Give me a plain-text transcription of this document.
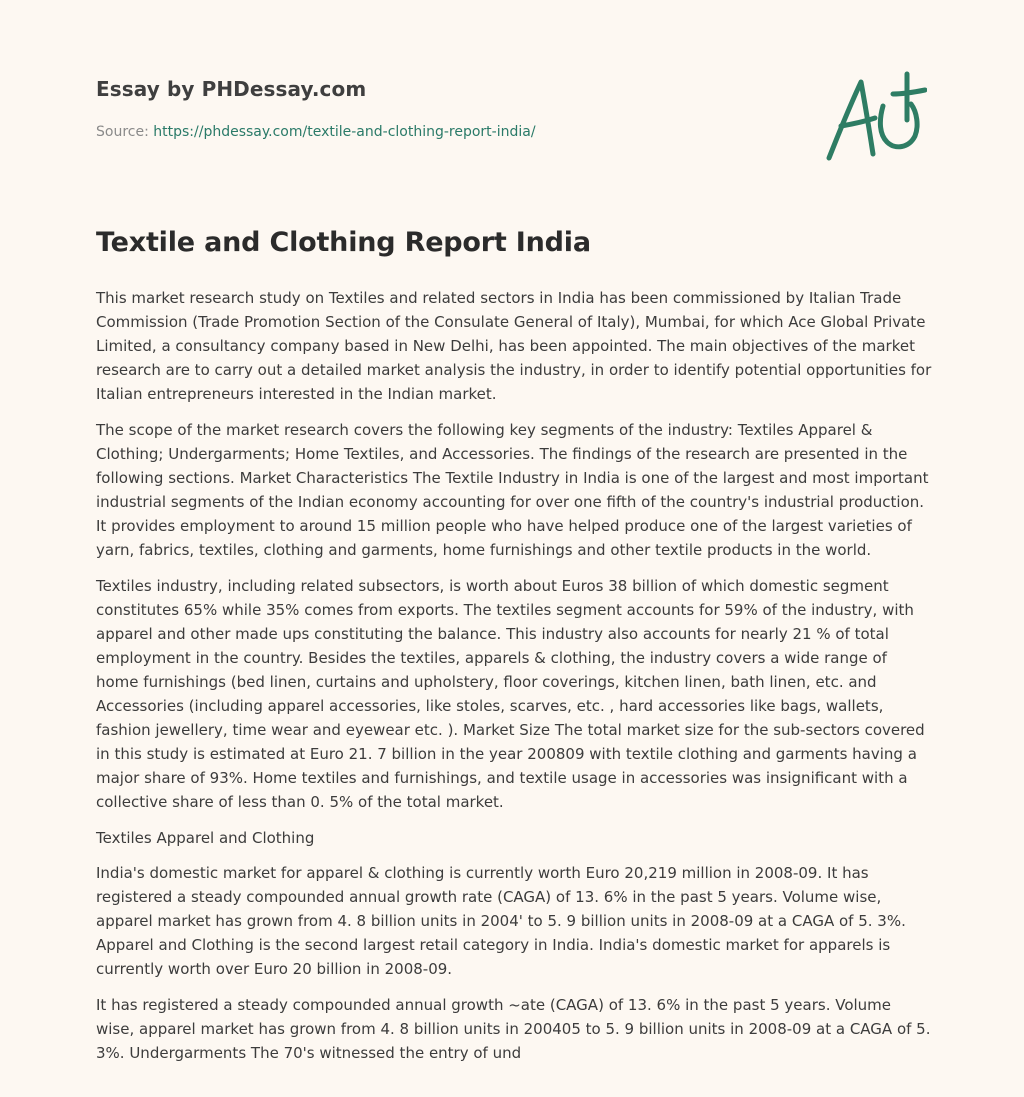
Essay by PHDessay.com

Source: https://phdessay.com/textile-and-clothing-report-india/

Textile and Clothing Report India

This market research study on Textiles and related sectors in India has been commissioned by Italian Trade Commission (Trade Promotion Section of the Consulate General of Italy), Mumbai, for which Ace Global Private Limited, a consultancy company based in New Delhi, has been appointed. The main objectives of the market research are to carry out a detailed market analysis the industry, in order to identify potential opportunities for Italian entrepreneurs interested in the Indian market.

The scope of the market research covers the following key segments of the industry: Textiles Apparel & Clothing; Undergarments; Home Textiles, and Accessories. The findings of the research are presented in the following sections. Market Characteristics The Textile Industry in India is one of the largest and most important industrial segments of the Indian economy accounting for over one fifth of the country's industrial production. It provides employment to around 15 million people who have helped produce one of the largest varieties of yarn, fabrics, textiles, clothing and garments, home furnishings and other textile products in the world.

Textiles industry, including related subsectors, is worth about Euros 38 billion of which domestic segment constitutes 65% while 35% comes from exports. The textiles segment accounts for 59% of the industry, with apparel and other made ups constituting the balance. This industry also accounts for nearly 21 % of total employment in the country. Besides the textiles, apparels & clothing, the industry covers a wide range of home furnishings (bed linen, curtains and upholstery, floor coverings, kitchen linen, bath linen, etc. and Accessories (including apparel accessories, like stoles, scarves, etc. , hard accessories like bags, wallets, fashion jewellery, time wear and eyewear etc. ). Market Size The total market size for the sub-sectors covered in this study is estimated at Euro 21. 7 billion in the year 200809 with textile clothing and garments having a major share of 93%. Home textiles and furnishings, and textile usage in accessories was insignificant with a collective share of less than 0. 5% of the total market.

Textiles Apparel and Clothing

India's domestic market for apparel & clothing is currently worth Euro 20,219 million in 2008-09. It has registered a steady compounded annual growth rate (CAGA) of 13. 6% in the past 5 years. Volume wise, apparel market has grown from 4. 8 billion units in 2004' to 5. 9 billion units in 2008-09 at a CAGA of 5. 3%. Apparel and Clothing is the second largest retail category in India. India's domestic market for apparels is currently worth over Euro 20 billion in 2008-09.

It has registered a steady compounded annual growth ~ate (CAGA) of 13. 6% in the past 5 years. Volume wise, apparel market has grown from 4. 8 billion units in 200405 to 5. 9 billion units in 2008-09 at a CAGA of 5. 3%. Undergarments The 70's witnessed the entry of und
